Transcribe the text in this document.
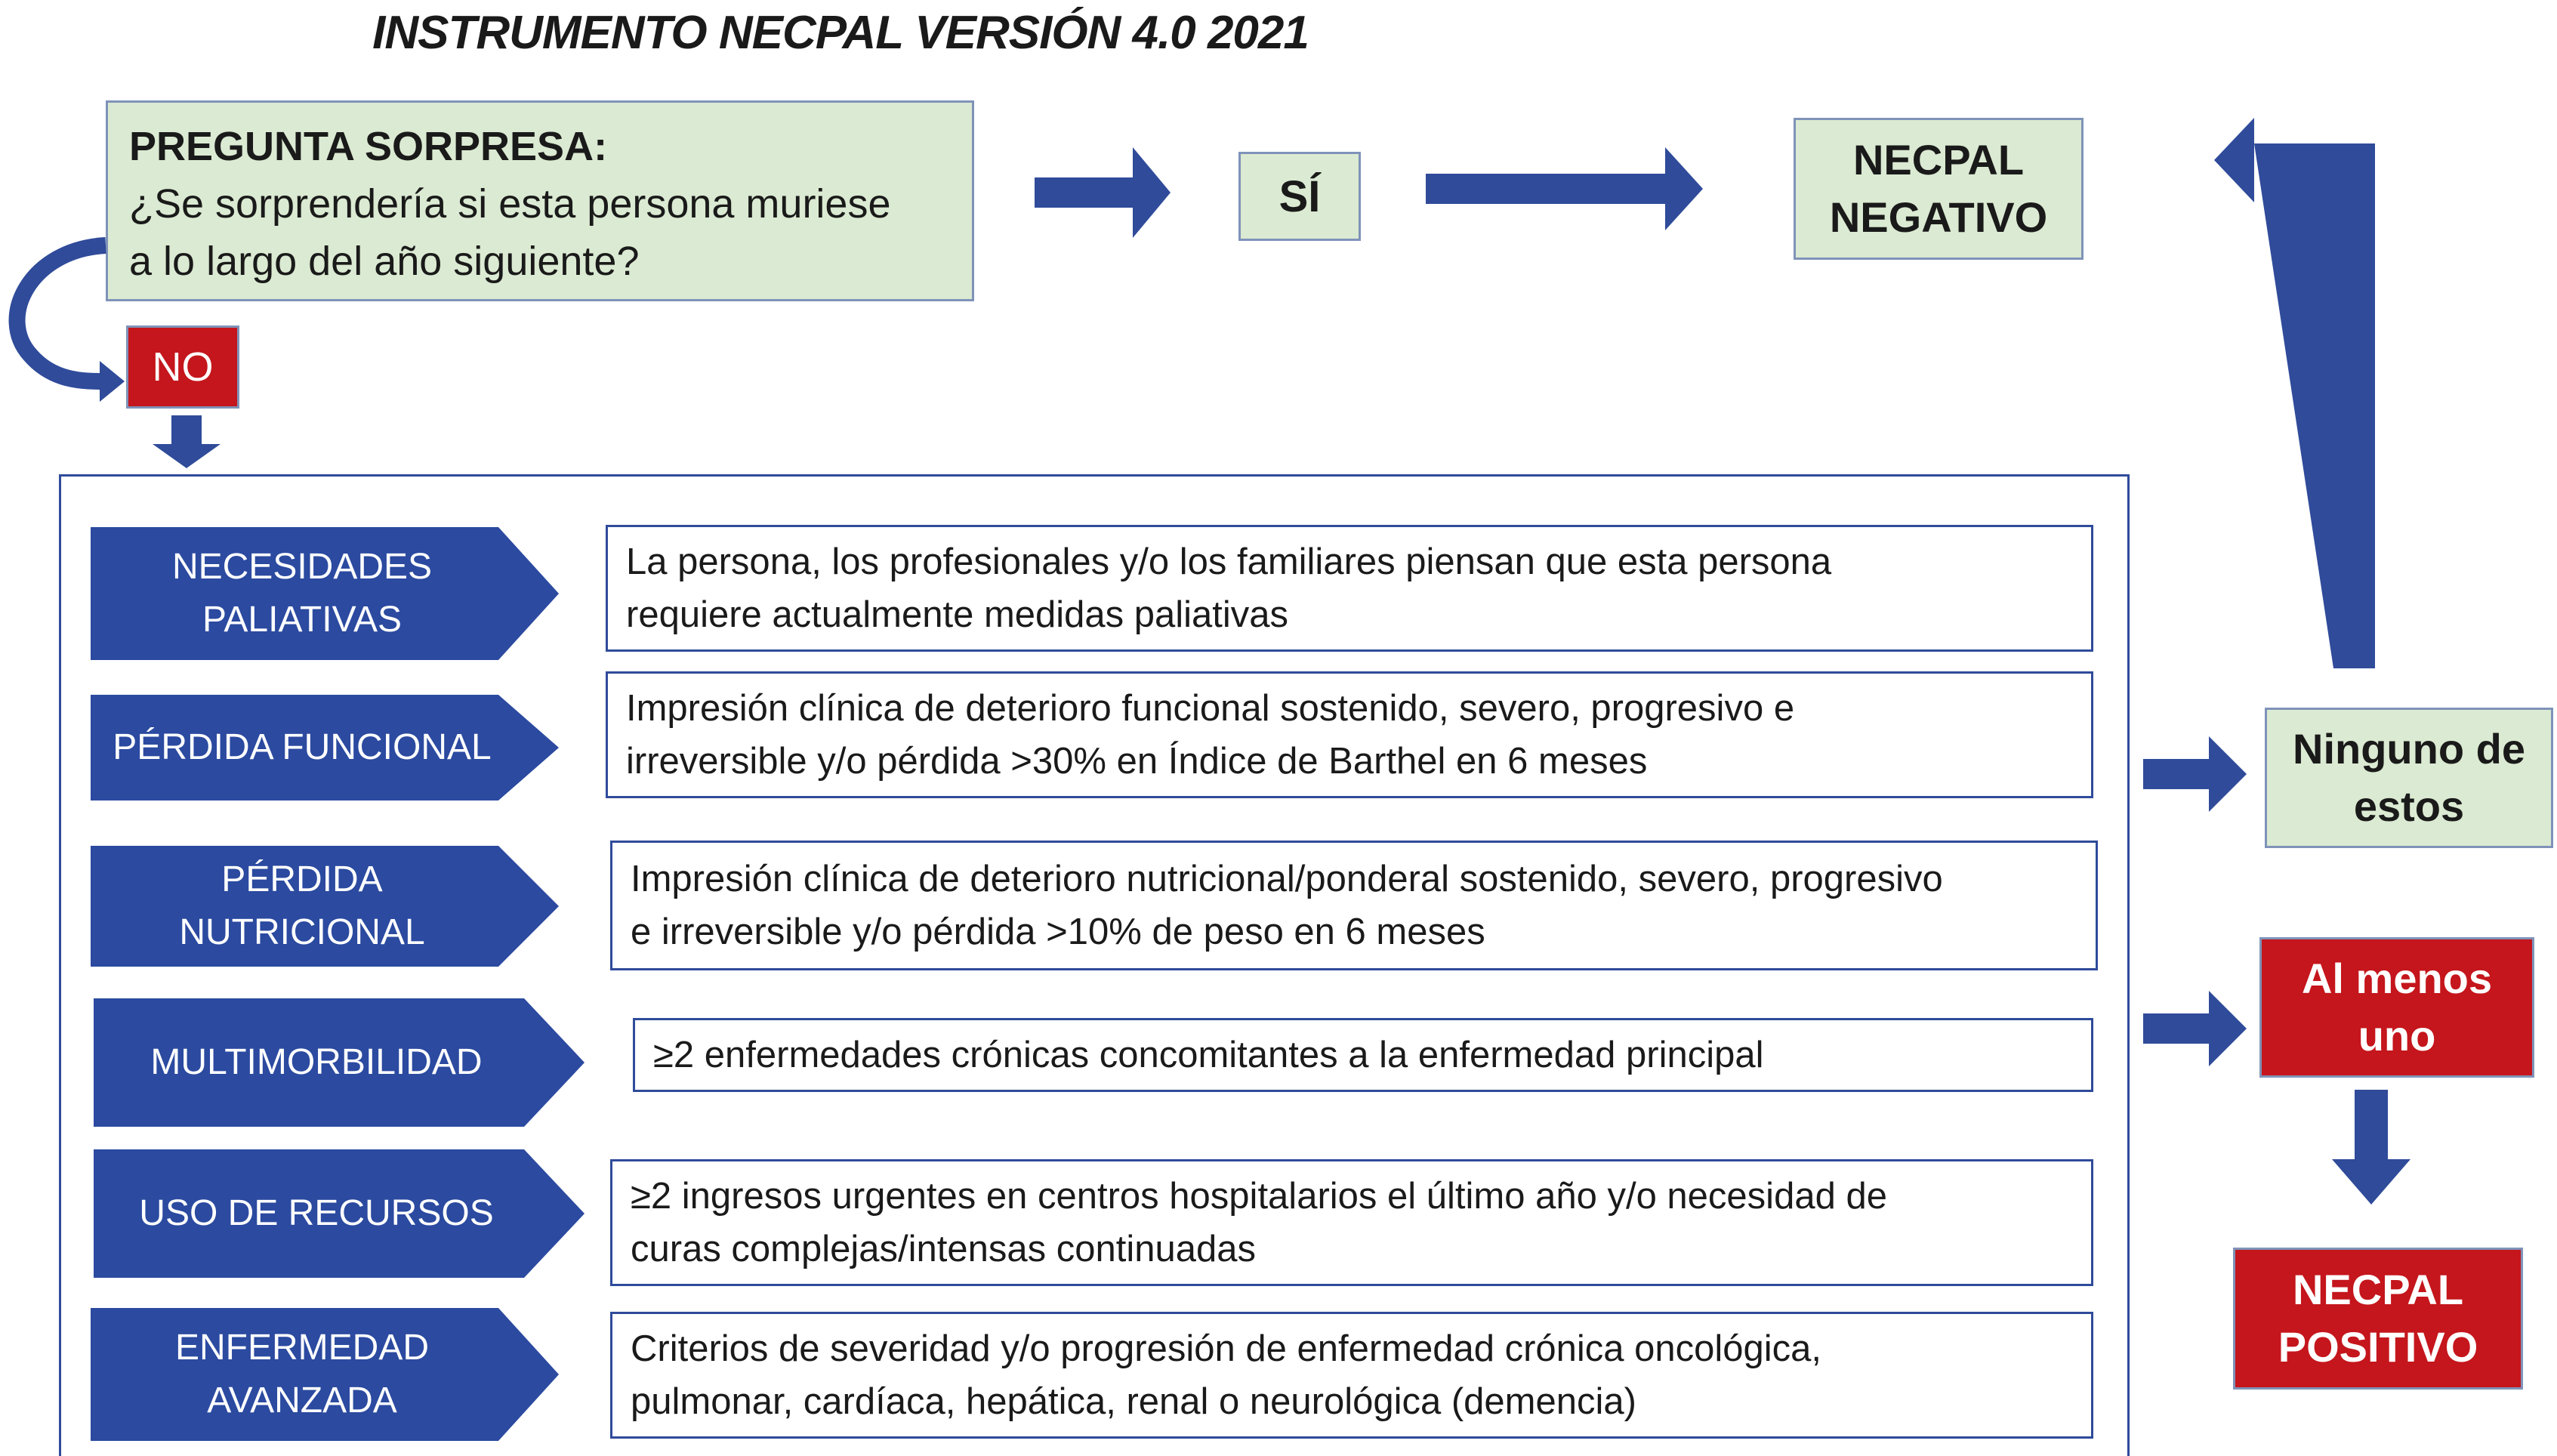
INSTRUMENTO NECPAL VERSIÓN 4.0 2021
PREGUNTA SORPRESA:
¿Se sorprendería si esta persona muriese
a lo largo del año siguiente?
SÍ
NECPAL
NEGATIVO
NO
Ninguno de
estos
Al menos
uno
NECPAL
POSITIVO
NECESIDADES
PALIATIVAS
La persona, los profesionales y/o los familiares piensan que esta persona
requiere actualmente medidas paliativas
PÉRDIDA FUNCIONAL
Impresión clínica de deterioro funcional sostenido, severo, progresivo e
irreversible y/o pérdida >30% en Índice de Barthel en 6 meses
PÉRDIDA
NUTRICIONAL
Impresión clínica de deterioro nutricional/ponderal sostenido, severo, progresivo
e irreversible y/o pérdida >10% de peso en 6 meses
MULTIMORBILIDAD	≥2 enfermedades crónicas concomitantes a la enfermedad principal
USO DE RECURSOS	≥2 ingresos urgentes en centros hospitalarios el último año y/o necesidad de
curas complejas/intensas continuadas
ENFERMEDAD
AVANZADA
Criterios de severidad y/o progresión de enfermedad crónica oncológica,
pulmonar, cardíaca, hepática, renal o neurológica (demencia)
